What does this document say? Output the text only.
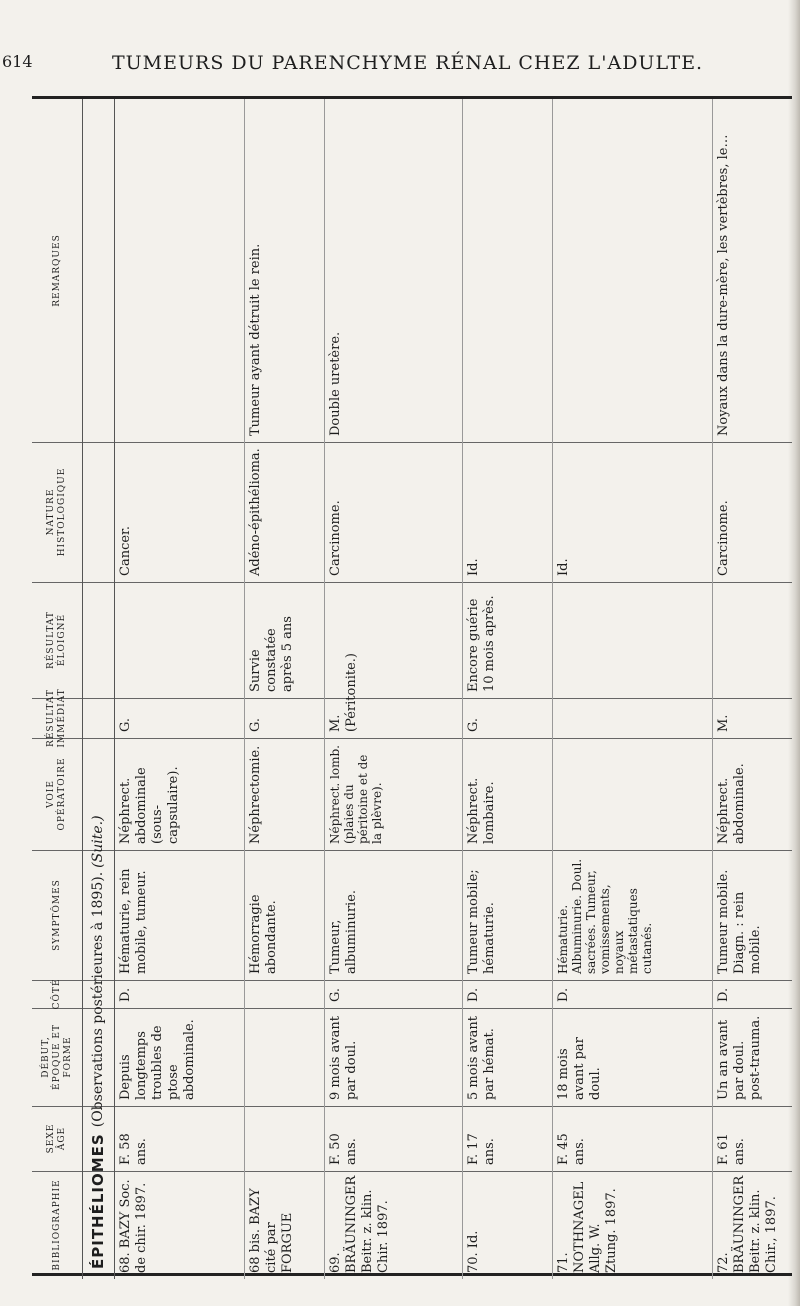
614	TUMEURS DU PARENCHYME RÉNAL CHEZ L'ADULTE.
BIBLIOGRAPHIE
SEXE ÂGE
DÉBUT, ÉPOQUE ET FORME
CÔTÉ
SYMPTÔMES
VOIE OPÉRATOIRE
RÉSULTAT IMMÉDIAT
RÉSULTAT ÉLOIGNÉ
NATURE HISTOLOGIQUE
REMARQUES
ÉPITHÉLIOMES
(Observations postérieures à 1895).
(Suite.)
68. BAZY Soc. de chir. 1897.
F. 58 ans.
Depuis longtemps troubles de ptose abdominale.
D.
Hématurie, rein mobile, tumeur.
Néphrect. abdominale (sous-capsulaire).
G.
Cancer.
68 bis. BAZY cité par FORGUE
Hémorragie abondante.
Néphrectomie.
G.
Survie constatée après 5 ans
Adéno-épithélioma.
Tumeur ayant détruit le rein.
69. BRÄUNINGER Beitr. z. klin. Chir. 1897.
F. 50 ans.
9 mois avant par doul.
G.
Tumeur, albuminurie.
Néphrect. lomb. (plaies du péritoine et de la plèvre).
M. (Péritonite.)
Carcinome.
Double uretère.
70. Id.
F. 17 ans.
5 mois avant par hémat.
D.
Tumeur mobile; hématurie.
Néphrect. lombaire.
G.
Encore guérie 10 mois après.
Id.
71. NOTHNAGEL Allg. W. Ztung. 1897.
F. 45 ans.
18 mois avant par doul.
D.
Hématurie. Albuminurie. Doul. sacrées. Tumeur, vomissements, noyaux métastatiques cutanés.
Id.
72. BRÄUNINGER Beitr. z. klin. Chir., 1897.
F. 61 ans.
Un an avant par doul. post-trauma.
D.
Tumeur mobile. Diagn. : rein mobile.
Néphrect. abdominale.
M.
Carcinome.
Noyaux dans la dure-mère, les vertèbres, le…
